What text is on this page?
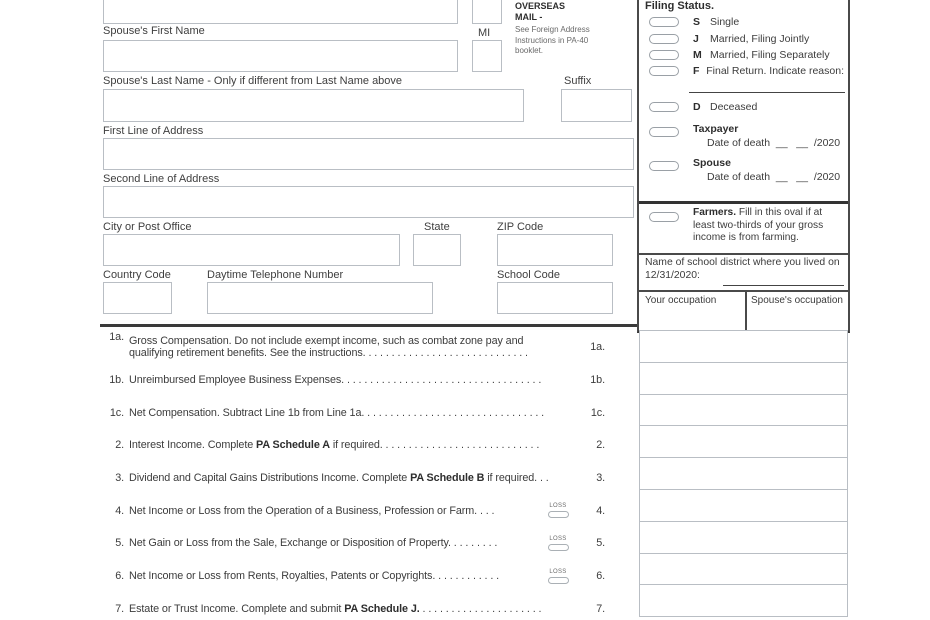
OVERSEAS MAIL -
See Foreign Address Instructions in PA-40 booklet.
Spouse's First Name	MI
Spouse's Last Name - Only if different from Last Name above	Suffix
First Line of Address
Second Line of Address
City or Post Office	State	ZIP Code
Country Code	Daytime Telephone Number	School Code
Filing Status.
S Single
J	Married, Filing Jointly
M Married, Filing Separately
F Final Return. Indicate reason:
D Deceased
Taxpayer
Date of death  __   __  /2020
Spouse
Date of death  __   __  /2020
Farmers. Fill in this oval if at least two-thirds of your gross income is from farming.
Name of school district where you lived on 12/31/2020:
Your occupation	Spouse's occupation
1a. Gross Compensation. Do not include exempt income, such as combat zone pay and
qualifying retirement benefits. See the instructions. . . . . . . . . . . . . . . . . . . . . . . . . . . . .
1a.
1b. Unreimbursed Employee Business Expenses. . . . . . . . . . . . . . . . . . . . . . . . . . . . . . . . . . .	1b.
1c. Net Compensation. Subtract Line 1b from Line 1a. . . . . . . . . . . . . . . . . . . . . . . . . . . . . . . .	1c.
2. Interest Income. Complete PA Schedule A if required. . . . . . . . . . . . . . . . . . . . . . . . . . . .	2.
3. Dividend and Capital Gains Distributions Income. Complete PA Schedule B if required. . .	3.
4. Net Income or Loss from the Operation of a Business, Profession or Farm. . . .	LOSS	4.
5. Net Gain or Loss from the Sale, Exchange or Disposition of Property. . . . . . . . .	LOSS	5.
6. Net Income or Loss from Rents, Royalties, Patents or Copyrights. . . . . . . . . . . .	LOSS	6.
7. Estate or Trust Income. Complete and submit PA Schedule J. . . . . . . . . . . . . . . . . . . . . .	7.
